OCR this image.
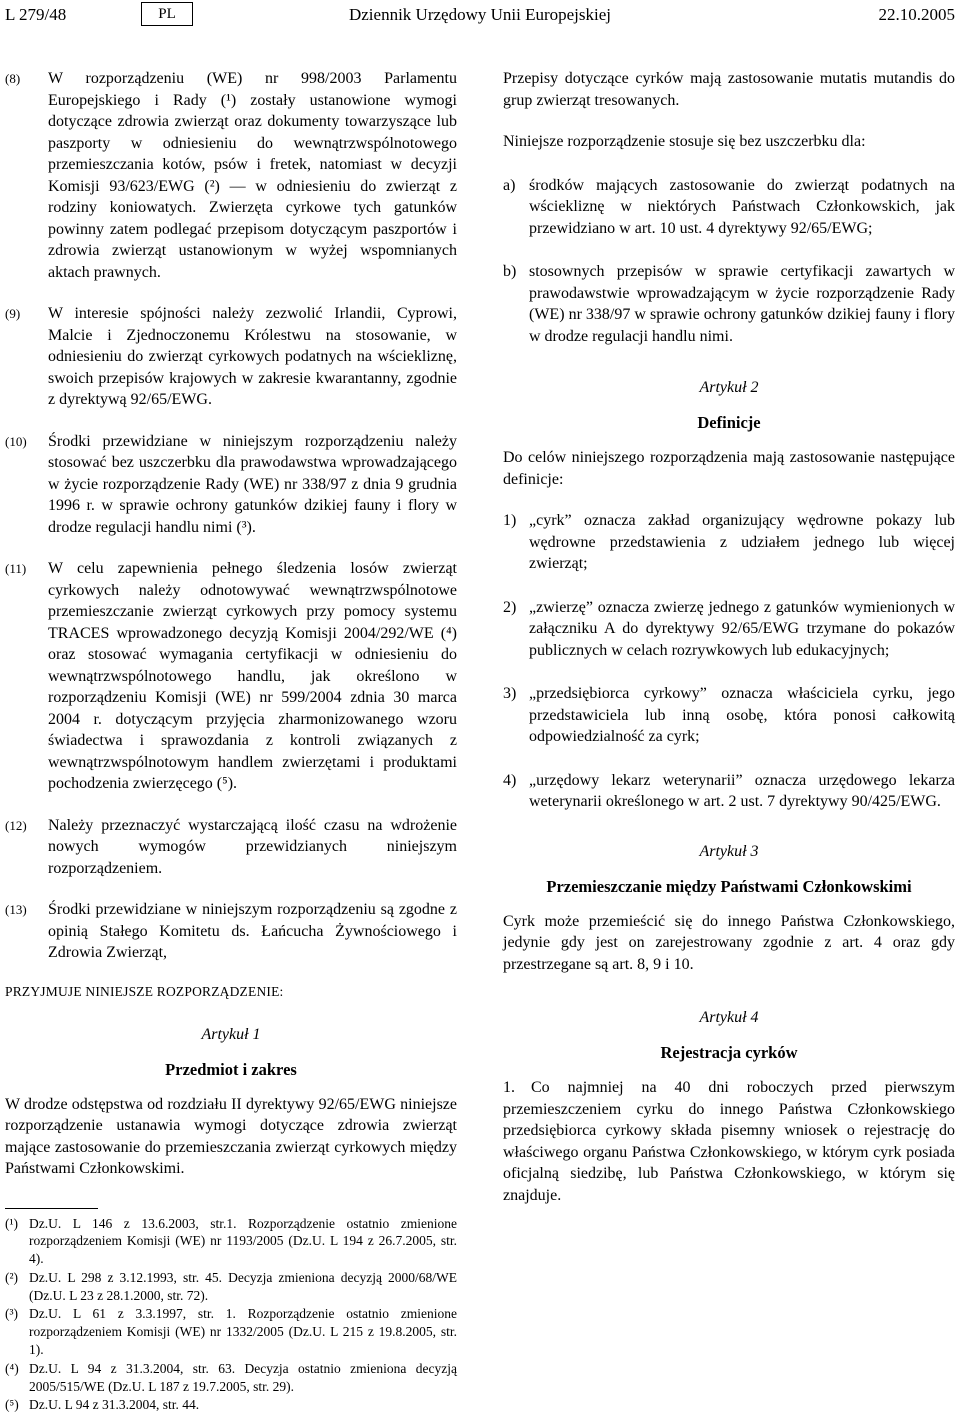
Dziennik Urzędowy Unii Europejskiej
L 279/48	PL	22.10.2005
(8)	W rozporządzeniu (WE) nr 998/2003 Parlamentu Europejskiego i Rady (¹) zostały ustanowione wymogi dotyczące zdrowia zwierząt oraz dokumenty towarzyszące lub paszporty w odniesieniu do wewnątrzwspólnotowego przemieszczania kotów, psów i fretek, natomiast w decyzji Komisji 93/623/EWG (²) — w odniesieniu do zwierząt z rodziny koniowatych. Zwierzęta cyrkowe tych gatunków powinny zatem podlegać przepisom dotyczącym paszportów i zdrowia zwierząt ustanowionym w wyżej wspomnianych aktach prawnych.
(9)	W interesie spójności należy zezwolić Irlandii, Cyprowi, Malcie i Zjednoczonemu Królestwu na stosowanie, w odniesieniu do zwierząt cyrkowych podatnych na wściekliznę, swoich przepisów krajowych w zakresie kwarantanny, zgodnie z dyrektywą 92/65/EWG.
(10)	Środki przewidziane w niniejszym rozporządzeniu należy stosować bez uszczerbku dla prawodawstwa wprowadzającego w życie rozporządzenie Rady (WE) nr 338/97 z dnia 9 grudnia 1996 r. w sprawie ochrony gatunków dzikiej fauny i flory w drodze regulacji handlu nimi (³).
(11)	W celu zapewnienia pełnego śledzenia losów zwierząt cyrkowych należy odnotowywać wewnątrzwspólnotowe przemieszczanie zwierząt cyrkowych przy pomocy systemu TRACES wprowadzonego decyzją Komisji 2004/292/WE (⁴) oraz stosować wymagania certyfikacji w odniesieniu do wewnątrzwspólnotowego handlu, jak określono w rozporządzeniu Komisji (WE) nr 599/2004 zdnia 30 marca 2004 r. dotyczącym przyjęcia zharmonizowanego wzoru świadectwa i sprawozdania z kontroli związanych z wewnątrzwspólnotowym handlem zwierzętami i produktami pochodzenia zwierzęcego (⁵).
(12)	Należy przeznaczyć wystarczającą ilość czasu na wdrożenie nowych wymogów przewidzianych niniejszym rozporządzeniem.
(13)	Środki przewidziane w niniejszym rozporządzeniu są zgodne z opinią Stałego Komitetu ds. Łańcucha Żywnościowego i Zdrowia Zwierząt,
PRZYJMUJE NINIEJSZE ROZPORZĄDZENIE:
Artykuł 1
Przedmiot i zakres
W drodze odstępstwa od rozdziału II dyrektywy 92/65/EWG niniejsze rozporządzenie ustanawia wymogi dotyczące zdrowia zwierząt mające zastosowanie do przemieszczania zwierząt cyrkowych między Państwami Członkowskimi.
(¹) Dz.U. L 146 z 13.6.2003, str.1. Rozporządzenie ostatnio zmienione rozporządzeniem Komisji (WE) nr 1193/2005 (Dz.U. L 194 z 26.7.2005, str. 4).
(²) Dz.U. L 298 z 3.12.1993, str. 45. Decyzja zmieniona decyzją 2000/68/WE (Dz.U. L 23 z 28.1.2000, str. 72).
(³) Dz.U. L 61 z 3.3.1997, str. 1. Rozporządzenie ostatnio zmienione rozporządzeniem Komisji (WE) nr 1332/2005 (Dz.U. L 215 z 19.8.2005, str. 1).
(⁴) Dz.U. L 94 z 31.3.2004, str. 63. Decyzja ostatnio zmieniona decyzją 2005/515/WE (Dz.U. L 187 z 19.7.2005, str. 29).
(⁵) Dz.U. L 94 z 31.3.2004, str. 44.
Przepisy dotyczące cyrków mają zastosowanie mutatis mutandis do grup zwierząt tresowanych.
Niniejsze rozporządzenie stosuje się bez uszczerbku dla:
a) środków mających zastosowanie do zwierząt podatnych na wściekliznę w niektórych Państwach Członkowskich, jak przewidziano w art. 10 ust. 4 dyrektywy 92/65/EWG;
b) stosownych przepisów w sprawie certyfikacji zawartych w prawodawstwie wprowadzającym w życie rozporządzenie Rady (WE) nr 338/97 w sprawie ochrony gatunków dzikiej fauny i flory w drodze regulacji handlu nimi.
Artykuł 2
Definicje
Do celów niniejszego rozporządzenia mają zastosowanie następujące definicje:
1) „cyrk” oznacza zakład organizujący wędrowne pokazy lub wędrowne przedstawienia z udziałem jednego lub więcej zwierząt;
2) „zwierzę” oznacza zwierzę jednego z gatunków wymienionych w załączniku A do dyrektywy 92/65/EWG trzymane do pokazów publicznych w celach rozrywkowych lub edukacyjnych;
3) „przedsiębiorca cyrkowy” oznacza właściciela cyrku, jego przedstawiciela lub inną osobę, która ponosi całkowitą odpowiedzialność za cyrk;
4) „urzędowy lekarz weterynarii” oznacza urzędowego lekarza weterynarii określonego w art. 2 ust. 7 dyrektywy 90/425/EWG.
Artykuł 3
Przemieszczanie między Państwami Członkowskimi
Cyrk może przemieścić się do innego Państwa Członkowskiego, jedynie gdy jest on zarejestrowany zgodnie z art. 4 oraz gdy przestrzegane są art. 8, 9 i 10.
Artykuł 4
Rejestracja cyrków
1. Co najmniej na 40 dni roboczych przed pierwszym przemieszczeniem cyrku do innego Państwa Członkowskiego przedsiębiorca cyrkowy składa pisemny wniosek o rejestrację do właściwego organu Państwa Członkowskiego, w którym cyrk posiada oficjalną siedzibę, lub Państwa Członkowskiego, w którym się znajduje.
